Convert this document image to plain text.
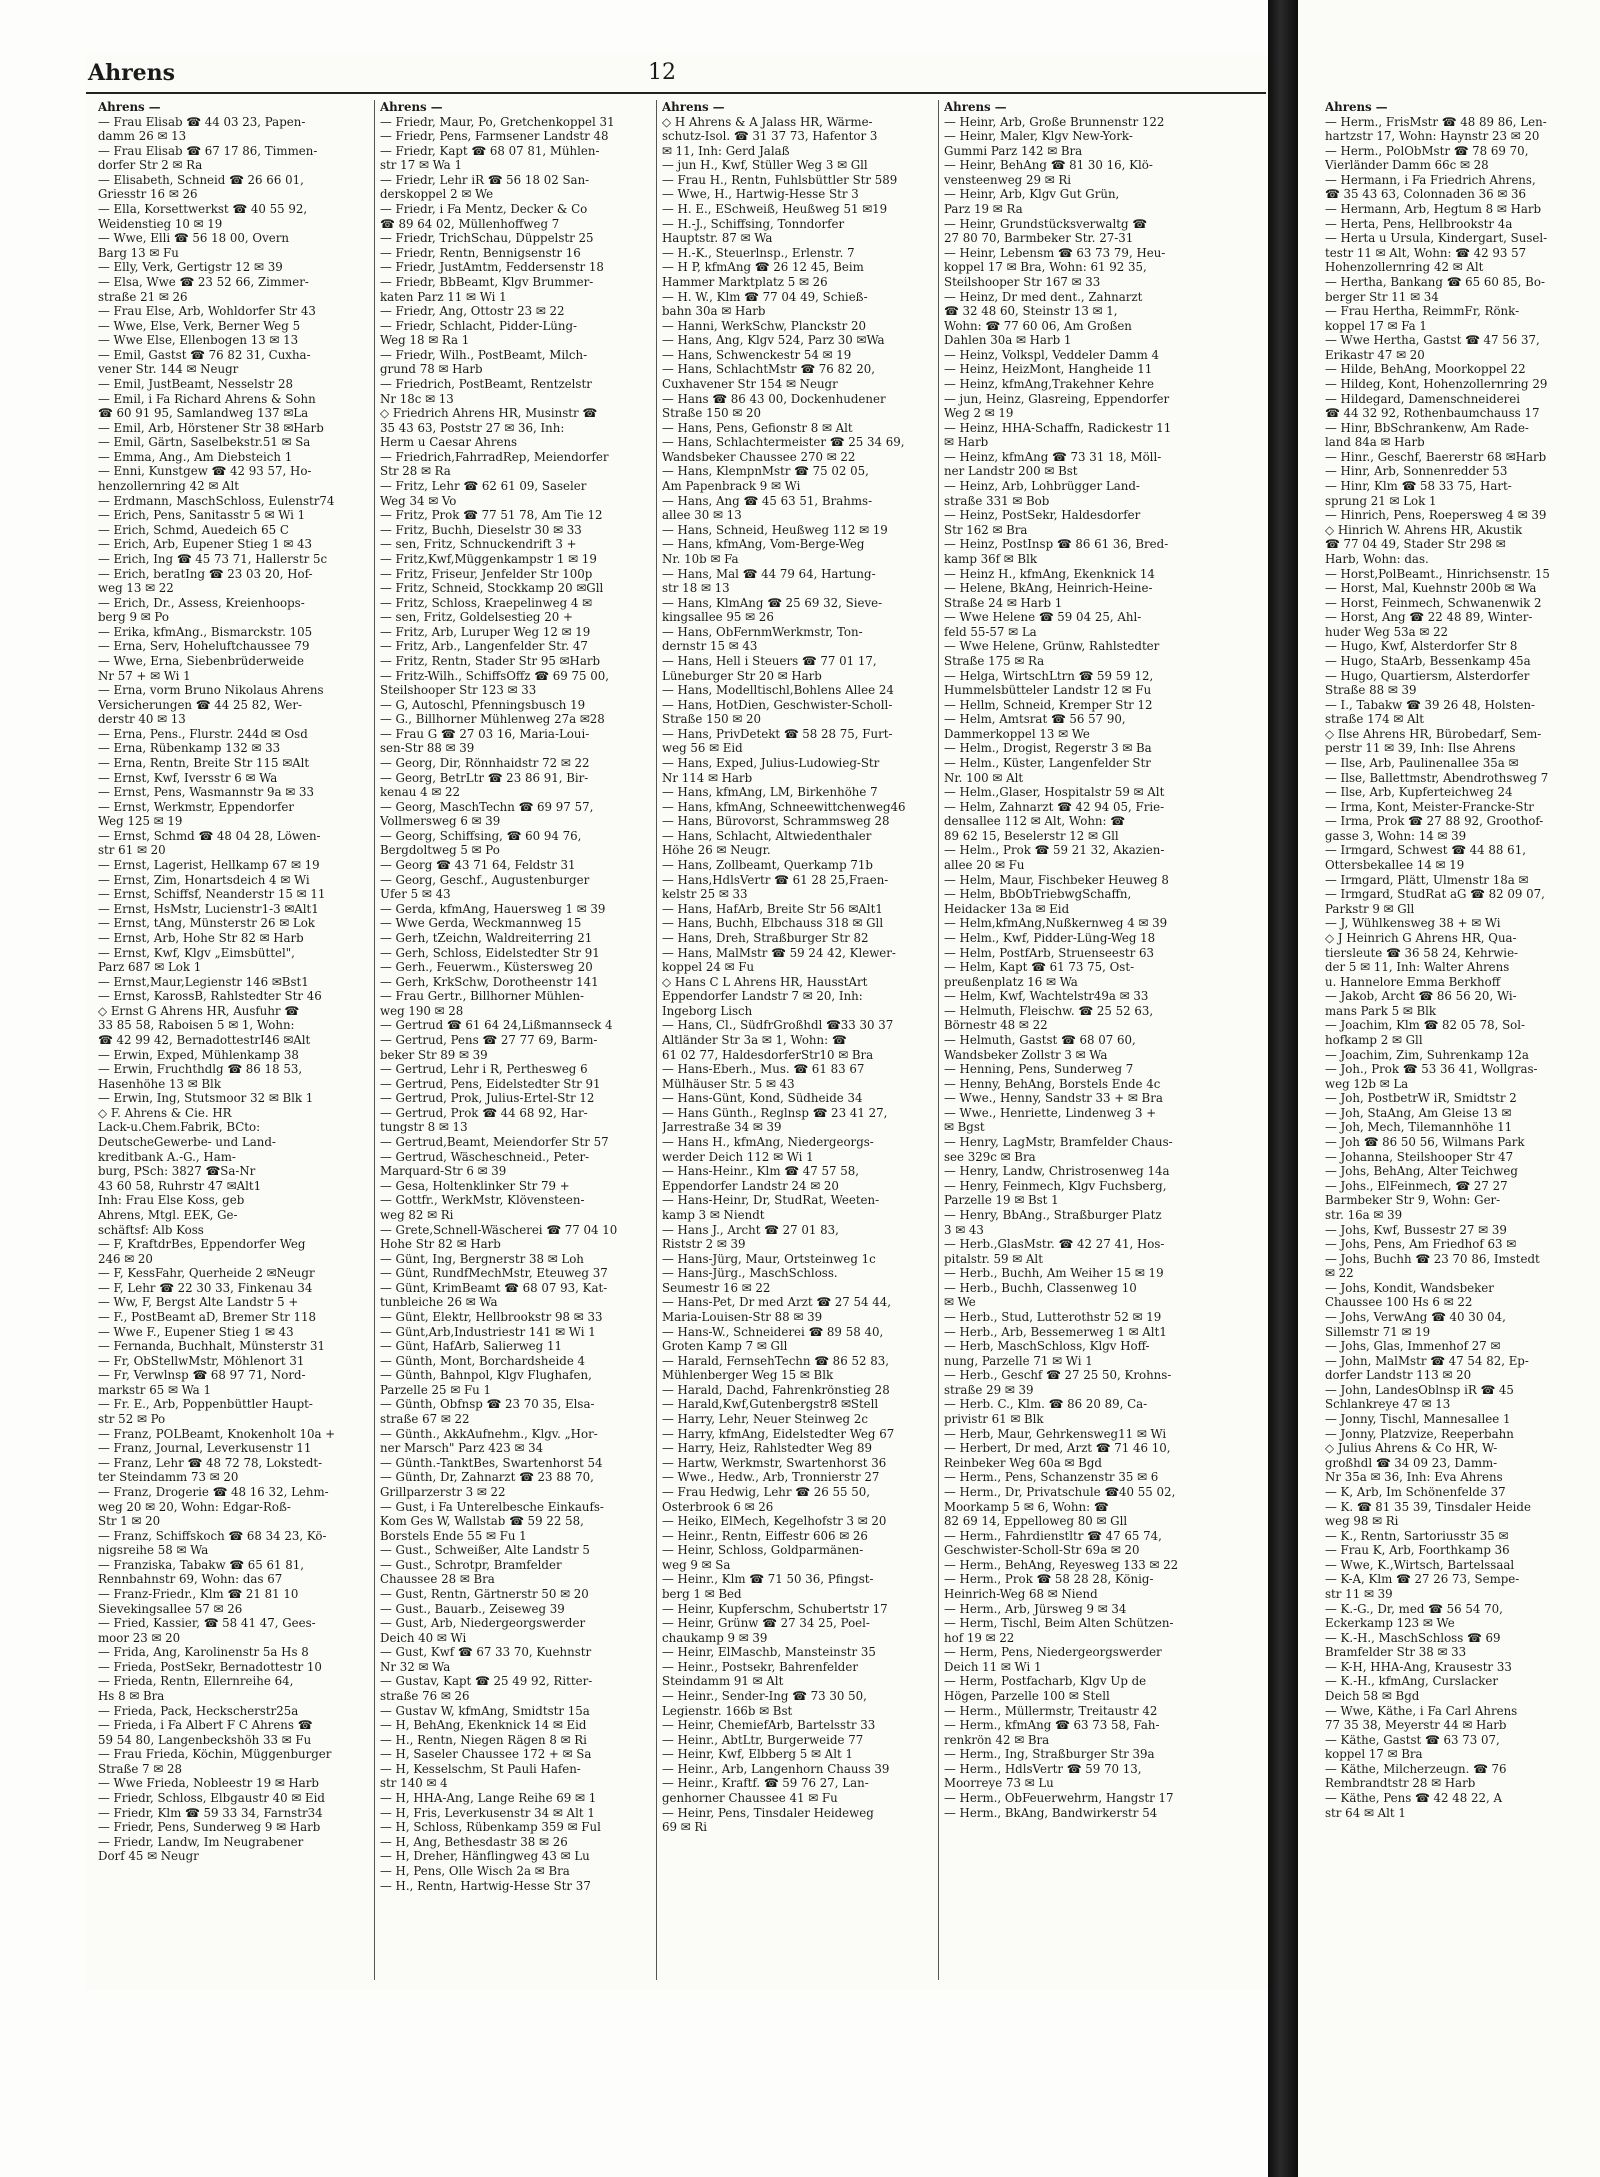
Ahrens	12
Ahrens —
— Frau Elisab ☎ 44 03 23, Papen-
damm 26 ✉ 13
— Frau Elisab ☎ 67 17 86, Timmen-
dorfer Str 2 ✉ Ra
— Elisabeth, Schneid ☎ 26 66 01,
Griesstr 16 ✉ 26
— Ella, Korsettwerkst ☎ 40 55 92,
Weidenstieg 10 ✉ 19
— Wwe, Elli ☎ 56 18 00, Overn
Barg 13 ✉ Fu
— Elly, Verk, Gertigstr 12 ✉ 39
— Elsa, Wwe ☎ 23 52 66, Zimmer-
straße 21 ✉ 26
— Frau Else, Arb, Wohldorfer Str 43
— Wwe, Else, Verk, Berner Weg 5
— Wwe Else, Ellenbogen 13 ✉ 13
— Emil, Gastst ☎ 76 82 31, Cuxha-
vener Str. 144 ✉ Neugr
— Emil, JustBeamt, Nesselstr 28
— Emil, i Fa Richard Ahrens & Sohn
☎ 60 91 95, Samlandweg 137 ✉La
— Emil, Arb, Hörstener Str 38 ✉Harb
— Emil, Gärtn, Saselbekstr.51 ✉ Sa
— Emma, Ang., Am Diebsteich 1
— Enni, Kunstgew ☎ 42 93 57, Ho-
henzollernring 42 ✉ Alt
— Erdmann, MaschSchloss, Eulenstr74
— Erich, Pens, Sanitasstr 5 ✉ Wi 1
— Erich, Schmd, Auedeich 65 C
— Erich, Arb, Eupener Stieg 1 ✉ 43
— Erich, Ing ☎ 45 73 71, Hallerstr 5c
— Erich, beratIng ☎ 23 03 20, Hof-
weg 13 ✉ 22
— Erich, Dr., Assess, Kreienhoops-
berg 9 ✉ Po
— Erika, kfmAng., Bismarckstr. 105
— Erna, Serv, Hoheluftchaussee 79
— Wwe, Erna, Siebenbrüderweide
Nr 57 + ✉ Wi 1
— Erna, vorm Bruno Nikolaus Ahrens
Versicherungen ☎ 44 25 82, Wer-
derstr 40 ✉ 13
— Erna, Pens., Flurstr. 244d ✉ Osd
— Erna, Rübenkamp 132 ✉ 33
— Erna, Rentn, Breite Str 115 ✉Alt
— Ernst, Kwf, Iversstr 6 ✉ Wa
— Ernst, Pens, Wasmannstr 9a ✉ 33
— Ernst, Werkmstr, Eppendorfer
Weg 125 ✉ 19
— Ernst, Schmd ☎ 48 04 28, Löwen-
str 61 ✉ 20
— Ernst, Lagerist, Hellkamp 67 ✉ 19
— Ernst, Zim, Honartsdeich 4 ✉ Wi
— Ernst, Schiffsf, Neanderstr 15 ✉ 11
— Ernst, HsMstr, Lucienstr1-3 ✉Alt1
— Ernst, tAng, Münsterstr 26 ✉ Lok
— Ernst, Arb, Hohe Str 82 ✉ Harb
— Ernst, Kwf, Klgv „Eimsbüttel",
Parz 687 ✉ Lok 1
— Ernst,Maur,Legienstr 146 ✉Bst1
— Ernst, KarossB, Rahlstedter Str 46
◇ Ernst G Ahrens HR, Ausfuhr ☎
33 85 58, Raboisen 5 ✉ 1, Wohn:
☎ 42 99 42, BernadottestrI46 ✉Alt
— Erwin, Exped, Mühlenkamp 38
— Erwin, Fruchthdlg ☎ 86 18 53,
Hasenhöhe 13 ✉ Blk
— Erwin, Ing, Stutsmoor 32 ✉ Blk 1
◇ F. Ahrens & Cie. HR
Lack-u.Chem.Fabrik, BCto:
DeutscheGewerbe- und Land-
kreditbank A.-G., Ham-
burg, PSch: 3827 ☎Sa-Nr
43 60 58, Ruhrstr 47 ✉Alt1
Inh: Frau Else Koss, geb
Ahrens, Mtgl. EEK, Ge-
schäftsf: Alb Koss
— F, KraftdrBes, Eppendorfer Weg
246 ✉ 20
— F, KessFahr, Querheide 2 ✉Neugr
— F, Lehr ☎ 22 30 33, Finkenau 34
— Ww, F, Bergst Alte Landstr 5 +
— F., PostBeamt aD, Bremer Str 118
— Wwe F., Eupener Stieg 1 ✉ 43
— Fernanda, Buchhalt, Münsterstr 31
— Fr, ObStellwMstr, Möhlenort 31
— Fr, Verwlnsp ☎ 68 97 71, Nord-
markstr 65 ✉ Wa 1
— Fr. E., Arb, Poppenbüttler Haupt-
str 52 ✉ Po
— Franz, POLBeamt, Knokenholt 10a +
— Franz, Journal, Leverkusenstr 11
— Franz, Lehr ☎ 48 72 78, Lokstedt-
ter Steindamm 73 ✉ 20
— Franz, Drogerie ☎ 48 16 32, Lehm-
weg 20 ✉ 20, Wohn: Edgar-Roß-
Str 1 ✉ 20
— Franz, Schiffskoch ☎ 68 34 23, Kö-
nigsreihe 58 ✉ Wa
— Franziska, Tabakw ☎ 65 61 81,
Rennbahnstr 69, Wohn: das 67
— Franz-Friedr., Klm ☎ 21 81 10
Sievekingsallee 57 ✉ 26
— Fried, Kassier, ☎ 58 41 47, Gees-
moor 23 ✉ 20
— Frida, Ang, Karolinenstr 5a Hs 8
— Frieda, PostSekr, Bernadottestr 10
— Frieda, Rentn, Ellernreihe 64,
Hs 8 ✉ Bra
— Frieda, Pack, Heckscherstr25a
— Frieda, i Fa Albert F C Ahrens ☎
59 54 80, Langenbeckshöh 33 ✉ Fu
— Frau Frieda, Köchin, Müggenburger
Straße 7 ✉ 28
— Wwe Frieda, Nobleestr 19 ✉ Harb
— Friedr, Schloss, Elbgaustr 40 ✉ Eid
— Friedr, Klm ☎ 59 33 34, Farnstr34
— Friedr, Pens, Sunderweg 9 ✉ Harb
— Friedr, Landw, Im Neugrabener
Dorf 45 ✉ Neugr
Ahrens —
— Friedr, Maur, Po, Gretchenkoppel 31
— Friedr, Pens, Farmsener Landstr 48
— Friedr, Kapt ☎ 68 07 81, Mühlen-
str 17 ✉ Wa 1
— Friedr, Lehr iR ☎ 56 18 02 San-
derskoppel 2 ✉ We
— Friedr, i Fa Mentz, Decker & Co
☎ 89 64 02, Müllenhoffweg 7
— Friedr, TrichSchau, Düppelstr 25
— Friedr, Rentn, Bennigsenstr 16
— Friedr, JustAmtm, Feddersenstr 18
— Friedr, BbBeamt, Klgv Brummer-
katen Parz 11 ✉ Wi 1
— Friedr, Ang, Ottostr 23 ✉ 22
— Friedr, Schlacht, Pidder-Lüng-
Weg 18 ✉ Ra 1
— Friedr, Wilh., PostBeamt, Milch-
grund 78 ✉ Harb
— Friedrich, PostBeamt, Rentzelstr
Nr 18c ✉ 13
◇ Friedrich Ahrens HR, Musinstr ☎
35 43 63, Poststr 27 ✉ 36, Inh:
Herm u Caesar Ahrens
— Friedrich,FahrradRep, Meiendorfer
Str 28 ✉ Ra
— Fritz, Lehr ☎ 62 61 09, Saseler
Weg 34 ✉ Vo
— Fritz, Prok ☎ 77 51 78, Am Tie 12
— Fritz, Buchh, Dieselstr 30 ✉ 33
— sen, Fritz, Schnuckendrift 3 +
— Fritz,Kwf,Müggenkampstr 1 ✉ 19
— Fritz, Friseur, Jenfelder Str 100p
— Fritz, Schneid, Stockkamp 20 ✉Gll
— Fritz, Schloss, Kraepelinweg 4 ✉
— sen, Fritz, Goldelsestieg 20 +
— Fritz, Arb, Luruper Weg 12 ✉ 19
— Fritz, Arb., Langenfelder Str. 47
— Fritz, Rentn, Stader Str 95 ✉Harb
— Fritz-Wilh., SchiffsOffz ☎ 69 75 00,
Steilshooper Str 123 ✉ 33
— G, Autoschl, Pfenningsbusch 19
— G., Billhorner Mühlenweg 27a ✉28
— Frau G ☎ 27 03 16, Maria-Loui-
sen-Str 88 ✉ 39
— Georg, Dir, Rönnhaidstr 72 ✉ 22
— Georg, BetrLtr ☎ 23 86 91, Bir-
kenau 4 ✉ 22
— Georg, MaschTechn ☎ 69 97 57,
Vollmersweg 6 ✉ 39
— Georg, Schiffsing, ☎ 60 94 76,
Bergdoltweg 5 ✉ Po
— Georg ☎ 43 71 64, Feldstr 31
— Georg, Geschf., Augustenburger
Ufer 5 ✉ 43
— Gerda, kfmAng, Hauersweg 1 ✉ 39
— Wwe Gerda, Weckmannweg 15
— Gerh, tZeichn, Waldreiterring 21
— Gerh, Schloss, Eidelstedter Str 91
— Gerh., Feuerwm., Küstersweg 20
— Gerh, KrkSchw, Dorotheenstr 141
— Frau Gertr., Billhorner Mühlen-
weg 190 ✉ 28
— Gertrud ☎ 61 64 24,Lißmannseck 4
— Gertrud, Pens ☎ 27 77 69, Barm-
beker Str 89 ✉ 39
— Gertrud, Lehr i R, Perthesweg 6
— Gertrud, Pens, Eidelstedter Str 91
— Gertrud, Prok, Julius-Ertel-Str 12
— Gertrud, Prok ☎ 44 68 92, Har-
tungstr 8 ✉ 13
— Gertrud,Beamt, Meiendorfer Str 57
— Gertrud, Wäscheschneid., Peter-
Marquard-Str 6 ✉ 39
— Gesa, Holtenklinker Str 79 +
— Gottfr., WerkMstr, Klövensteen-
weg 82 ✉ Ri
— Grete,Schnell-Wäscherei ☎ 77 04 10
Hohe Str 82 ✉ Harb
— Günt, Ing, Bergnerstr 38 ✉ Loh
— Günt, RundfMechMstr, Eteuweg 37
— Günt, KrimBeamt ☎ 68 07 93, Kat-
tunbleiche 26 ✉ Wa
— Günt, Elektr, Hellbrookstr 98 ✉ 33
— Günt,Arb,Industriestr 141 ✉ Wi 1
— Günt, HafArb, Salierweg 11
— Günth, Mont, Borchardsheide 4
— Günth, Bahnpol, Klgv Flughafen,
Parzelle 25 ✉ Fu 1
— Günth, Obfnsp ☎ 23 70 35, Elsa-
straße 67 ✉ 22
— Günth., AkkAufnehm., Klgv. „Hor-
ner Marsch" Parz 423 ✉ 34
— Günth.-TanktBes, Swartenhorst 54
— Günth, Dr, Zahnarzt ☎ 23 88 70,
Grillparzerstr 3 ✉ 22
— Gust, i Fa Unterelbesche Einkaufs-
Kom Ges W, Wallstab ☎ 59 22 58,
Borstels Ende 55 ✉ Fu 1
— Gust., Schweißer, Alte Landstr 5
— Gust., Schrotpr, Bramfelder
Chaussee 28 ✉ Bra
— Gust, Rentn, Gärtnerstr 50 ✉ 20
— Gust., Bauarb., Zeiseweg 39
— Gust, Arb, Niedergeorgswerder
Deich 40 ✉ Wi
— Gust, Kwf ☎ 67 33 70, Kuehnstr
Nr 32 ✉ Wa
— Gustav, Kapt ☎ 25 49 92, Ritter-
straße 76 ✉ 26
— Gustav W, kfmAng, Smidtstr 15a
— H, BehAng, Ekenknick 14 ✉ Eid
— H., Rentn, Niegen Rägen 8 ✉ Ri
— H, Saseler Chaussee 172 + ✉ Sa
— H, Kesselschm, St Pauli Hafen-
str 140 ✉ 4
— H, HHA-Ang, Lange Reihe 69 ✉ 1
— H, Fris, Leverkusenstr 34 ✉ Alt 1
— H, Schloss, Rübenkamp 359 ✉ Ful
— H, Ang, Bethesdastr 38 ✉ 26
— H, Dreher, Hänflingweg 43 ✉ Lu
— H, Pens, Olle Wisch 2a ✉ Bra
— H., Rentn, Hartwig-Hesse Str 37
Ahrens —
◇ H Ahrens & A Jalass HR, Wärme-
schutz-Isol. ☎ 31 37 73, Hafentor 3
✉ 11, Inh: Gerd Jalaß
— jun H., Kwf, Stüller Weg 3 ✉ Gll
— Frau H., Rentn, Fuhlsbüttler Str 589
— Wwe, H., Hartwig-Hesse Str 3
— H. E., ESchweiß, Heußweg 51 ✉19
— H.-J., Schiffsing, Tonndorfer
Hauptstr. 87 ✉ Wa
— H.-K., Steuerlnsp., Erlenstr. 7
— H P, kfmAng ☎ 26 12 45, Beim
Hammer Marktplatz 5 ✉ 26
— H. W., Klm ☎ 77 04 49, Schieß-
bahn 30a ✉ Harb
— Hanni, WerkSchw, Planckstr 20
— Hans, Ang, Klgv 524, Parz 30 ✉Wa
— Hans, Schwenckestr 54 ✉ 19
— Hans, SchlachtMstr ☎ 76 82 20,
Cuxhavener Str 154 ✉ Neugr
— Hans ☎ 86 43 00, Dockenhudener
Straße 150 ✉ 20
— Hans, Pens, Gefionstr 8 ✉ Alt
— Hans, Schlachtermeister ☎ 25 34 69,
Wandsbeker Chaussee 270 ✉ 22
— Hans, KlempnMstr ☎ 75 02 05,
Am Papenbrack 9 ✉ Wi
— Hans, Ang ☎ 45 63 51, Brahms-
allee 30 ✉ 13
— Hans, Schneid, Heußweg 112 ✉ 19
— Hans, kfmAng, Vom-Berge-Weg
Nr. 10b ✉ Fa
— Hans, Mal ☎ 44 79 64, Hartung-
str 18 ✉ 13
— Hans, KlmAng ☎ 25 69 32, Sieve-
kingsallee 95 ✉ 26
— Hans, ObFernmWerkmstr, Ton-
dernstr 15 ✉ 43
— Hans, Hell i Steuers ☎ 77 01 17,
Lüneburger Str 20 ✉ Harb
— Hans, Modelltischl,Bohlens Allee 24
— Hans, HotDien, Geschwister-Scholl-
Straße 150 ✉ 20
— Hans, PrivDetekt ☎ 58 28 75, Furt-
weg 56 ✉ Eid
— Hans, Exped, Julius-Ludowieg-Str
Nr 114 ✉ Harb
— Hans, kfmAng, LM, Birkenhöhe 7
— Hans, kfmAng, Schneewittchenweg46
— Hans, Bürovorst, Schrammsweg 28
— Hans, Schlacht, Altwiedenthaler
Höhe 26 ✉ Neugr.
— Hans, Zollbeamt, Querkamp 71b
— Hans,HdlsVertr ☎ 61 28 25,Fraen-
kelstr 25 ✉ 33
— Hans, HafArb, Breite Str 56 ✉Alt1
— Hans, Buchh, Elbchauss 318 ✉ Gll
— Hans, Dreh, Straßburger Str 82
— Hans, MalMstr ☎ 59 24 42, Klewer-
koppel 24 ✉ Fu
◇ Hans C L Ahrens HR, HausstArt
Eppendorfer Landstr 7 ✉ 20, Inh:
Ingeborg Lisch
— Hans, Cl., SüdfrGroßhdl ☎33 30 37
Altländer Str 3a ✉ 1, Wohn: ☎
61 02 77, HaldesdorferStr10 ✉ Bra
— Hans-Eberh., Mus. ☎ 61 83 67
Mülhäuser Str. 5 ✉ 43
— Hans-Günt, Kond, Südheide 34
— Hans Günth., Reglnsp ☎ 23 41 27,
Jarrestraße 34 ✉ 39
— Hans H., kfmAng, Niedergeorgs-
werder Deich 112 ✉ Wi 1
— Hans-Heinr., Klm ☎ 47 57 58,
Eppendorfer Landstr 24 ✉ 20
— Hans-Heinr, Dr, StudRat, Weeten-
kamp 3 ✉ Niendt
— Hans J., Archt ☎ 27 01 83,
Riststr 2 ✉ 39
— Hans-Jürg, Maur, Ortsteinweg 1c
— Hans-Jürg., MaschSchloss.
Seumestr 16 ✉ 22
— Hans-Pet, Dr med Arzt ☎ 27 54 44,
Maria-Louisen-Str 88 ✉ 39
— Hans-W., Schneiderei ☎ 89 58 40,
Groten Kamp 7 ✉ Gll
— Harald, FernsehTechn ☎ 86 52 83,
Mühlenberger Weg 15 ✉ Blk
— Harald, Dachd, Fahrenkrönstieg 28
— Harald,Kwf,Gutenbergstr8 ✉Stell
— Harry, Lehr, Neuer Steinweg 2c
— Harry, kfmAng, Eidelstedter Weg 67
— Harry, Heiz, Rahlstedter Weg 89
— Hartw, Werkmstr, Swartenhorst 36
— Wwe., Hedw., Arb, Tronnierstr 27
— Frau Hedwig, Lehr ☎ 26 55 50,
Osterbrook 6 ✉ 26
— Heiko, ElMech, Kegelhofstr 3 ✉ 20
— Heinr., Rentn, Eiffestr 606 ✉ 26
— Heinr, Schloss, Goldparmänen-
weg 9 ✉ Sa
— Heinr., Klm ☎ 71 50 36, Pfingst-
berg 1 ✉ Bed
— Heinr, Kupferschm, Schubertstr 17
— Heinr, Grünw ☎ 27 34 25, Poel-
chaukamp 9 ✉ 39
— Heinr, ElMaschb, Mansteinstr 35
— Heinr., Postsekr, Bahrenfelder
Steindamm 91 ✉ Alt
— Heinr., Sender-Ing ☎ 73 30 50,
Legienstr. 166b ✉ Bst
— Heinr, ChemiefArb, Bartelsstr 33
— Heinr., AbtLtr, Burgerweide 77
— Heinr, Kwf, Elbberg 5 ✉ Alt 1
— Heinr., Arb, Langenhorn Chauss 39
— Heinr., Kraftf. ☎ 59 76 27, Lan-
genhorner Chaussee 41 ✉ Fu
— Heinr, Pens, Tinsdaler Heideweg
69 ✉ Ri
Ahrens —
— Heinr, Arb, Große Brunnenstr 122
— Heinr, Maler, Klgv New-York-
Gummi Parz 142 ✉ Bra
— Heinr, BehAng ☎ 81 30 16, Klö-
vensteenweg 29 ✉ Ri
— Heinr, Arb, Klgv Gut Grün,
Parz 19 ✉ Ra
— Heinr, Grundstücksverwaltg ☎
27 80 70, Barmbeker Str. 27-31
— Heinr, Lebensm ☎ 63 73 79, Heu-
koppel 17 ✉ Bra, Wohn: 61 92 35,
Steilshooper Str 167 ✉ 33
— Heinz, Dr med dent., Zahnarzt
☎ 32 48 60, Steinstr 13 ✉ 1,
Wohn: ☎ 77 60 06, Am Großen
Dahlen 30a ✉ Harb 1
— Heinz, Volkspl, Veddeler Damm 4
— Heinz, HeizMont, Hangheide 11
— Heinz, kfmAng,Trakehner Kehre
— jun, Heinz, Glasreing, Eppendorfer
Weg 2 ✉ 19
— Heinz, HHA-Schaffn, Radickestr 11
✉ Harb
— Heinz, kfmAng ☎ 73 31 18, Möll-
ner Landstr 200 ✉ Bst
— Heinz, Arb, Lohbrügger Land-
straße 331 ✉ Bob
— Heinz, PostSekr, Haldesdorfer
Str 162 ✉ Bra
— Heinz, PostInsp ☎ 86 61 36, Bred-
kamp 36f ✉ Blk
— Heinz H., kfmAng, Ekenknick 14
— Helene, BkAng, Heinrich-Heine-
Straße 24 ✉ Harb 1
— Wwe Helene ☎ 59 04 25, Ahl-
feld 55-57 ✉ La
— Wwe Helene, Grünw, Rahlstedter
Straße 175 ✉ Ra
— Helga, WirtschLtrn ☎ 59 59 12,
Hummelsbütteler Landstr 12 ✉ Fu
— Hellm, Schneid, Kremper Str 12
— Helm, Amtsrat ☎ 56 57 90,
Dammerkoppel 13 ✉ We
— Helm., Drogist, Regerstr 3 ✉ Ba
— Helm., Küster, Langenfelder Str
Nr. 100 ✉ Alt
— Helm.,Glaser, Hospitalstr 59 ✉ Alt
— Helm, Zahnarzt ☎ 42 94 05, Frie-
densallee 112 ✉ Alt, Wohn: ☎
89 62 15, Beselerstr 12 ✉ Gll
— Helm., Prok ☎ 59 21 32, Akazien-
allee 20 ✉ Fu
— Helm, Maur, Fischbeker Heuweg 8
— Helm, BbObTriebwgSchaffn,
Heidacker 13a ✉ Eid
— Helm,kfmAng,Nußkernweg 4 ✉ 39
— Helm., Kwf, Pidder-Lüng-Weg 18
— Helm, PostfArb, Struenseestr 63
— Helm, Kapt ☎ 61 73 75, Ost-
preußenplatz 16 ✉ Wa
— Helm, Kwf, Wachtelstr49a ✉ 33
— Helmuth, Fleischw. ☎ 25 52 63,
Börnestr 48 ✉ 22
— Helmuth, Gastst ☎ 68 07 60,
Wandsbeker Zollstr 3 ✉ Wa
— Henning, Pens, Sunderweg 7
— Henny, BehAng, Borstels Ende 4c
— Wwe., Henny, Sandstr 33 + ✉ Bra
— Wwe., Henriette, Lindenweg 3 +
✉ Bgst
— Henry, LagMstr, Bramfelder Chaus-
see 329c ✉ Bra
— Henry, Landw, Christrosenweg 14a
— Henry, Feinmech, Klgv Fuchsberg,
Parzelle 19 ✉ Bst 1
— Henry, BbAng., Straßburger Platz
3 ✉ 43
— Herb.,GlasMstr. ☎ 42 27 41, Hos-
pitalstr. 59 ✉ Alt
— Herb., Buchh, Am Weiher 15 ✉ 19
— Herb., Buchh, Classenweg 10
✉ We
— Herb., Stud, Lutterothstr 52 ✉ 19
— Herb., Arb, Bessemerweg 1 ✉ Alt1
— Herb, MaschSchloss, Klgv Hoff-
nung, Parzelle 71 ✉ Wi 1
— Herb., Geschf ☎ 27 25 50, Krohns-
straße 29 ✉ 39
— Herb. C., Klm. ☎ 86 20 89, Ca-
privistr 61 ✉ Blk
— Herb, Maur, Gehrkensweg11 ✉ Wi
— Herbert, Dr med, Arzt ☎ 71 46 10,
Reinbeker Weg 60a ✉ Bgd
— Herm., Pens, Schanzenstr 35 ✉ 6
— Herm., Dr, Privatschule ☎40 55 02,
Moorkamp 5 ✉ 6, Wohn: ☎
82 69 14, Eppelloweg 80 ✉ Gll
— Herm., Fahrdienstltr ☎ 47 65 74,
Geschwister-Scholl-Str 69a ✉ 20
— Herm., BehAng, Reyesweg 133 ✉ 22
— Herm., Prok ☎ 58 28 28, König-
Heinrich-Weg 68 ✉ Niend
— Herm., Arb, Jürsweg 9 ✉ 34
— Herm, Tischl, Beim Alten Schützen-
hof 19 ✉ 22
— Herm, Pens, Niedergeorgswerder
Deich 11 ✉ Wi 1
— Herm, Postfacharb, Klgv Up de
Högen, Parzelle 100 ✉ Stell
— Herm., Müllermstr, Treitaustr 42
— Herm., kfmAng ☎ 63 73 58, Fah-
renkrön 42 ✉ Bra
— Herm., Ing, Straßburger Str 39a
— Herm., HdlsVertr ☎ 59 70 13,
Moorreye 73 ✉ Lu
— Herm., ObFeuerwehrm, Hangstr 17
— Herm., BkAng, Bandwirkerstr 54
Ahrens —
— Herm., FrisMstr ☎ 48 89 86, Len-
hartzstr 17, Wohn: Haynstr 23 ✉ 20
— Herm., PolObMstr ☎ 78 69 70,
Vierländer Damm 66c ✉ 28
— Hermann, i Fa Friedrich Ahrens,
☎ 35 43 63, Colonnaden 36 ✉ 36
— Hermann, Arb, Hegtum 8 ✉ Harb
— Herta, Pens, Hellbrookstr 4a
— Herta u Ursula, Kindergart, Susel-
testr 11 ✉ Alt, Wohn: ☎ 42 93 57
Hohenzollernring 42 ✉ Alt
— Hertha, Bankang ☎ 65 60 85, Bo-
berger Str 11 ✉ 34
— Frau Hertha, ReimmFr, Rönk-
koppel 17 ✉ Fa 1
— Wwe Hertha, Gastst ☎ 47 56 37,
Erikastr 47 ✉ 20
— Hilde, BehAng, Moorkoppel 22
— Hildeg, Kont, Hohenzollernring 29
— Hildegard, Damenschneiderei
☎ 44 32 92, Rothenbaumchauss 17
— Hinr, BbSchrankenw, Am Rade-
land 84a ✉ Harb
— Hinr., Geschf, Baererstr 68 ✉Harb
— Hinr, Arb, Sonnenredder 53
— Hinr, Klm ☎ 58 33 75, Hart-
sprung 21 ✉ Lok 1
— Hinrich, Pens, Roepersweg 4 ✉ 39
◇ Hinrich W. Ahrens HR, Akustik
☎ 77 04 49, Stader Str 298 ✉
Harb, Wohn: das.
— Horst,PolBeamt., Hinrichsenstr. 15
— Horst, Mal, Kuehnstr 200b ✉ Wa
— Horst, Feinmech, Schwanenwik 2
— Horst, Ang ☎ 22 48 89, Winter-
huder Weg 53a ✉ 22
— Hugo, Kwf, Alsterdorfer Str 8
— Hugo, StaArb, Bessenkamp 45a
— Hugo, Quartiersm, Alsterdorfer
Straße 88 ✉ 39
— I., Tabakw ☎ 39 26 48, Holsten-
straße 174 ✉ Alt
◇ Ilse Ahrens HR, Bürobedarf, Sem-
perstr 11 ✉ 39, Inh: Ilse Ahrens
— Ilse, Arb, Paulinenallee 35a ✉
— Ilse, Ballettmstr, Abendrothsweg 7
— Ilse, Arb, Kupferteichweg 24
— Irma, Kont, Meister-Francke-Str
— Irma, Prok ☎ 27 88 92, Groothof-
gasse 3, Wohn: 14 ✉ 39
— Irmgard, Schwest ☎ 44 88 61,
Ottersbekallee 14 ✉ 19
— Irmgard, Plätt, Ulmenstr 18a ✉
— Irmgard, StudRat aG ☎ 82 09 07,
Parkstr 9 ✉ Gll
— J, Wühlkensweg 38 + ✉ Wi
◇ J Heinrich G Ahrens HR, Qua-
tiersleute ☎ 36 58 24, Kehrwie-
der 5 ✉ 11, Inh: Walter Ahrens
u. Hannelore Emma Berkhoff
— Jakob, Archt ☎ 86 56 20, Wi-
mans Park 5 ✉ Blk
— Joachim, Klm ☎ 82 05 78, Sol-
hofkamp 2 ✉ Gll
— Joachim, Zim, Suhrenkamp 12a
— Joh., Prok ☎ 53 36 41, Wollgras-
weg 12b ✉ La
— Joh, PostbetrW iR, Smidtstr 2
— Joh, StaAng, Am Gleise 13 ✉
— Joh, Mech, Tilemannhöhe 11
— Joh ☎ 86 50 56, Wilmans Park
— Johanna, Steilshooper Str 47
— Johs, BehAng, Alter Teichweg
— Johs., ElFeinmech, ☎ 27 27
Barmbeker Str 9, Wohn: Ger-
str. 16a ✉ 39
— Johs, Kwf, Bussestr 27 ✉ 39
— Johs, Pens, Am Friedhof 63 ✉
— Johs, Buchh ☎ 23 70 86, Imstedt
✉ 22
— Johs, Kondit, Wandsbeker
Chaussee 100 Hs 6 ✉ 22
— Johs, VerwAng ☎ 40 30 04,
Sillemstr 71 ✉ 19
— Johs, Glas, Immenhof 27 ✉
— John, MalMstr ☎ 47 54 82, Ep-
dorfer Landstr 113 ✉ 20
— John, LandesOblnsp iR ☎ 45
Schlankreye 47 ✉ 13
— Jonny, Tischl, Mannesallee 1
— Jonny, Platzvize, Reeperbahn
◇ Julius Ahrens & Co HR, W-
großhdl ☎ 34 09 23, Damm-
Nr 35a ✉ 36, Inh: Eva Ahrens
— K, Arb, Im Schönenfelde 37
— K. ☎ 81 35 39, Tinsdaler Heide
weg 98 ✉ Ri
— K., Rentn, Sartoriusstr 35 ✉
— Frau K, Arb, Foorthkamp 36
— Wwe, K.,Wirtsch, Bartelssaal
— K-A, Klm ☎ 27 26 73, Sempe-
str 11 ✉ 39
— K.-G., Dr, med ☎ 56 54 70,
Eckerkamp 123 ✉ We
— K.-H., MaschSchloss ☎ 69
Bramfelder Str 38 ✉ 33
— K-H, HHA-Ang, Krausestr 33
— K.-H., kfmAng, Curslacker
Deich 58 ✉ Bgd
— Wwe, Käthe, i Fa Carl Ahrens
77 35 38, Meyerstr 44 ✉ Harb
— Käthe, Gastst ☎ 63 73 07,
koppel 17 ✉ Bra
— Käthe, Milcherzeugn. ☎ 76
Rembrandtstr 28 ✉ Harb
— Käthe, Pens ☎ 42 48 22, A
str 64 ✉ Alt 1
